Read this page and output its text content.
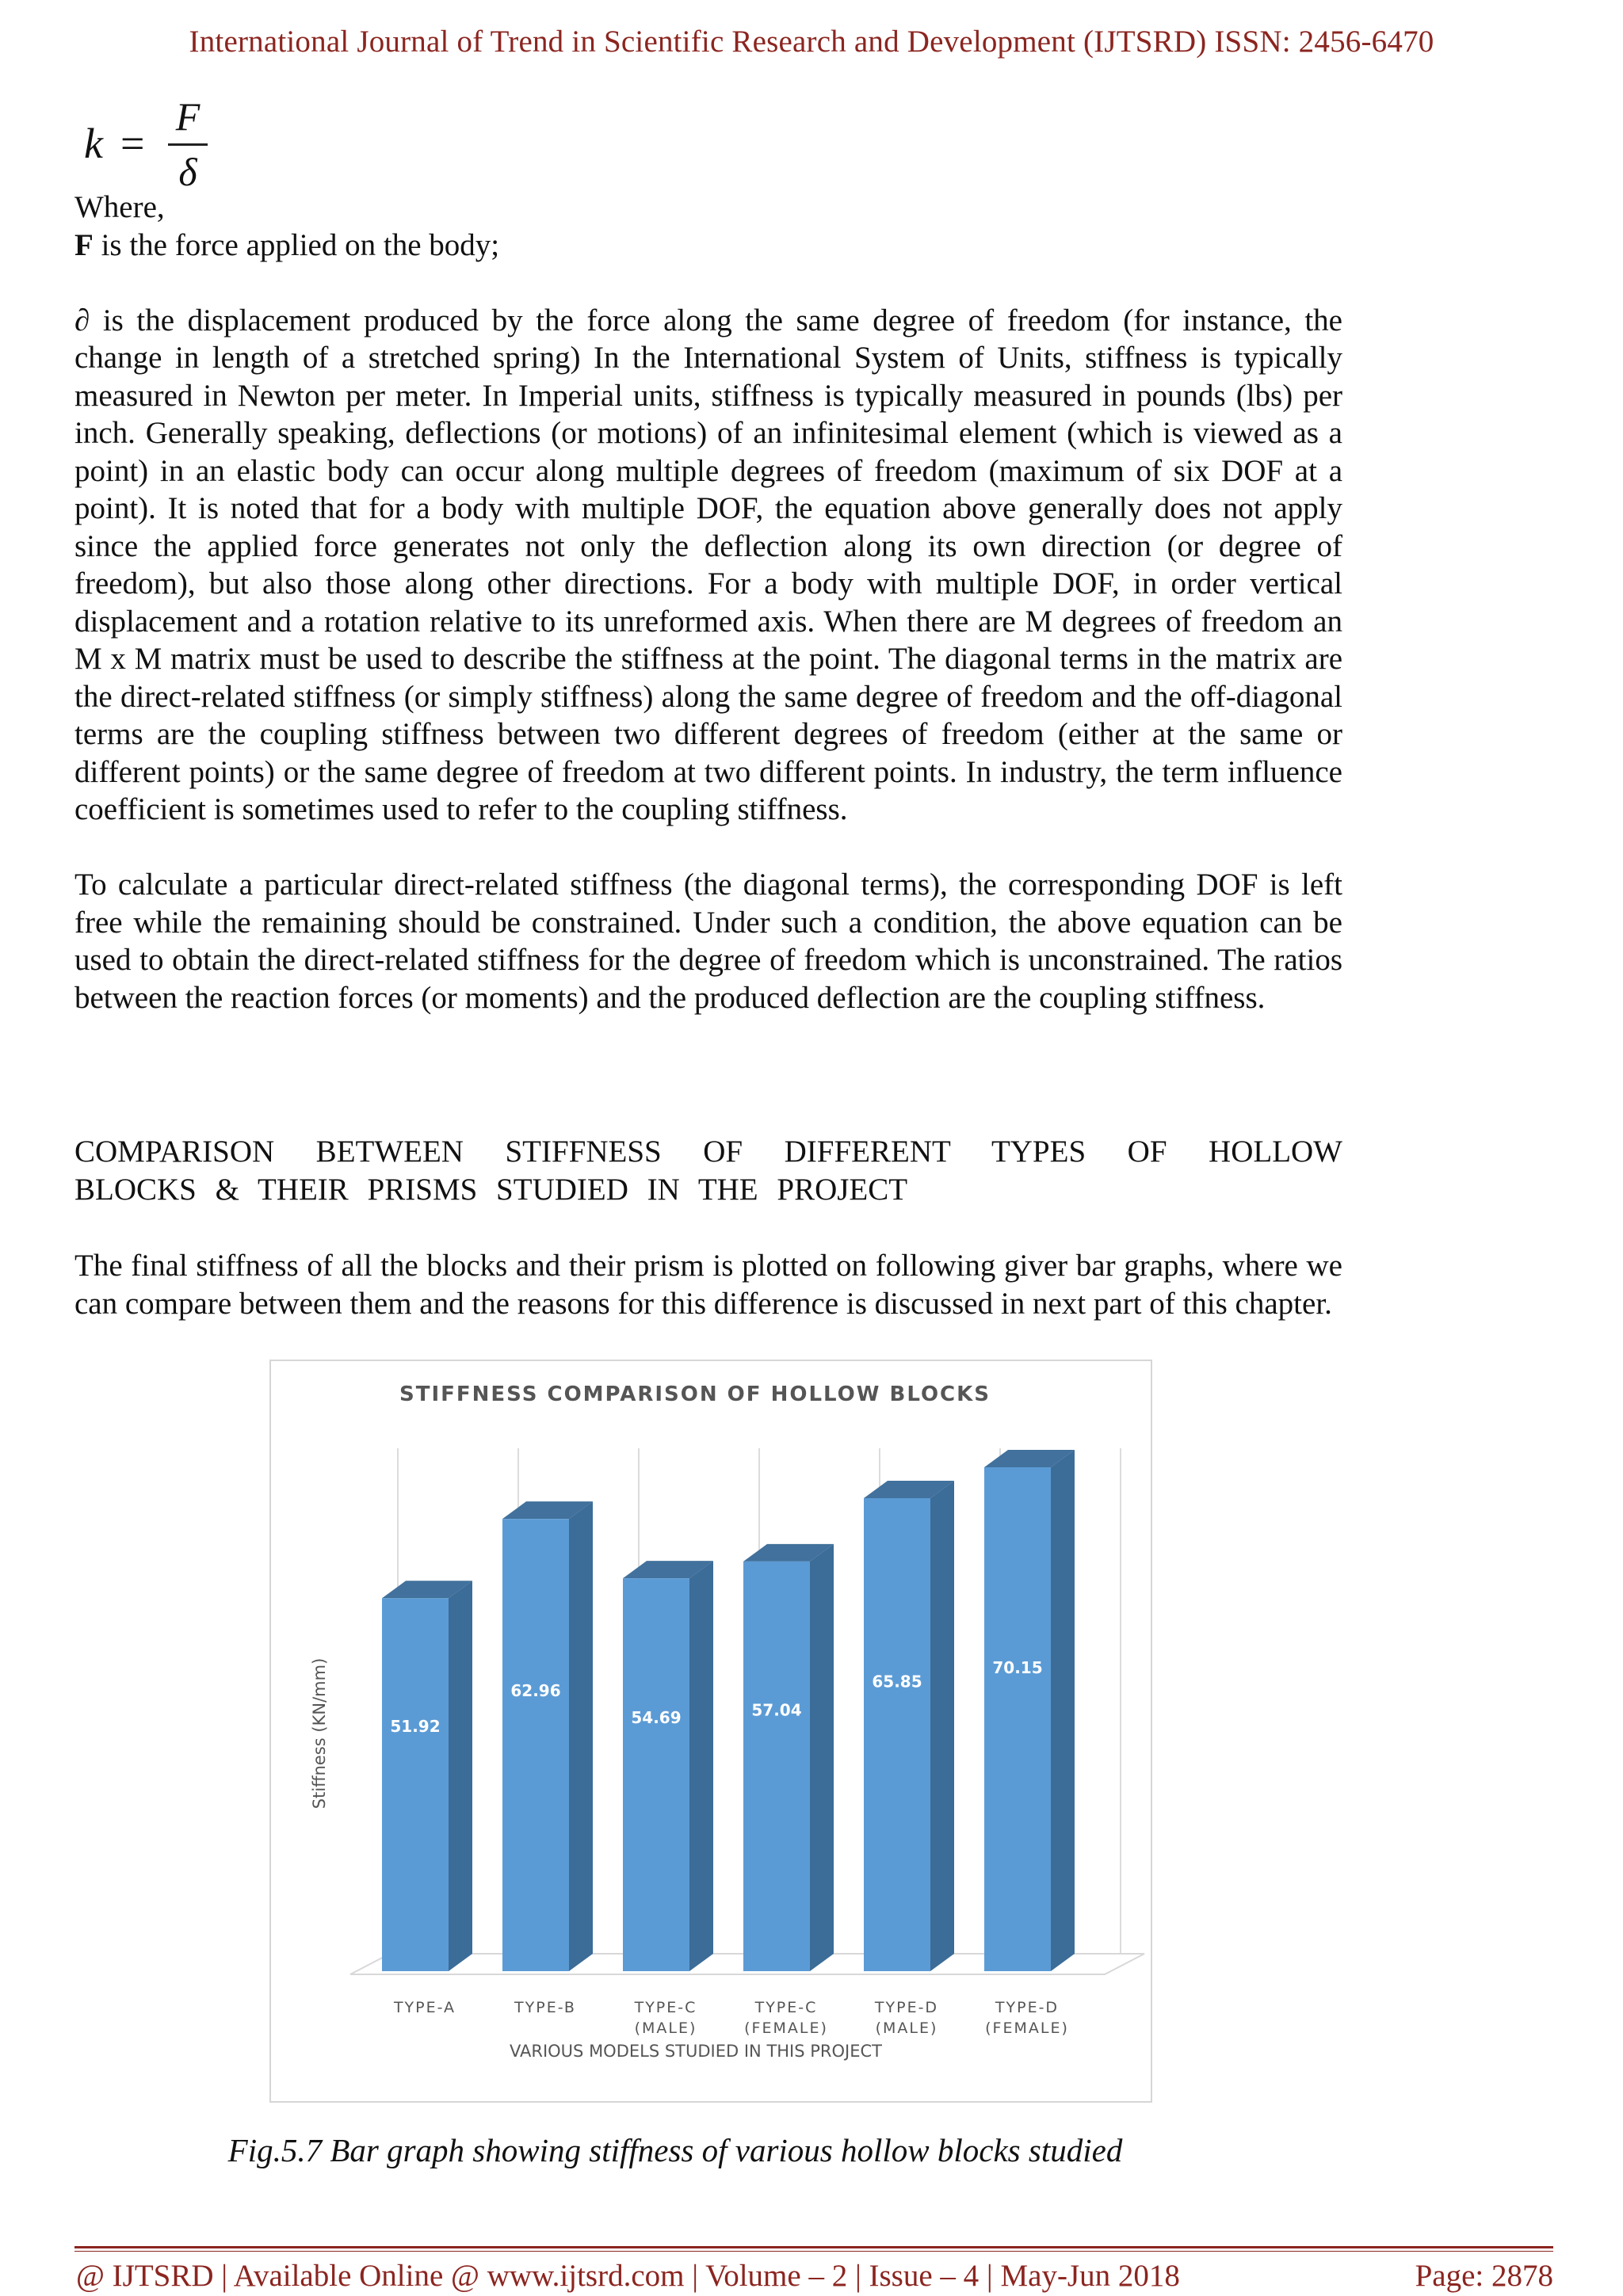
International Journal of Trend in Scientific Research and Development (IJTSRD) ISSN: 2456-6470
k =
F
δ

Where,

F is the force applied on the body;

∂ is the displacement produced by the force along the same degree of freedom (for instance, the change in length of a stretched spring) In the International System of Units, stiffness is typically measured in Newton per meter. In Imperial units, stiffness is typically measured in pounds (lbs) per inch. Generally speaking, deflections (or motions) of an infinitesimal element (which is viewed as a point) in an elastic body can occur along multiple degrees of freedom (maximum of six DOF at a point). It is noted that for a body with multiple DOF, the equation above generally does not apply since the applied force generates not only the deflection along its own direction (or degree of freedom), but also those along other directions. For a body with multiple DOF, in order vertical displacement and a rotation relative to its unreformed axis. When there are M degrees of freedom an M x M matrix must be used to describe the stiffness at the point. The diagonal terms in the matrix are the direct-related stiffness (or simply stiffness) along the same degree of freedom and the off-diagonal terms are the coupling stiffness between two different degrees of freedom (either at the same or different points) or the same degree of freedom at two different points. In industry, the term influence coefficient is sometimes used to refer to the coupling stiffness.

To calculate a particular direct-related stiffness (the diagonal terms), the corresponding DOF is left free while the remaining should be constrained. Under such a condition, the above equation can be used to obtain the direct-related stiffness for the degree of freedom which is unconstrained. The ratios between the reaction forces (or moments) and the produced deflection are the coupling stiffness.

COMPARISON BETWEEN STIFFNESS OF DIFFERENT TYPES OF HOLLOW
BLOCKS & THEIR PRISMS STUDIED IN THE PROJECT

The final stiffness of all the blocks and their prism is plotted on following giver bar graphs, where we can compare between them and the reasons for this difference is discussed in next part of this chapter.

STIFFNESS COMPARISON OF HOLLOW BLOCKS
51.92
62.96
54.69	57.04
65.85
70.15
TYPE-A	TYPE-B	TYPE-C
(MALE)
TYPE-C
(FEMALE)
TYPE-D
(MALE)
TYPE-D
(FEMALE)
VARIOUS MODELS STUDIED IN THIS PROJECT
Stiffness (KN/mm)
Fig.5.7 Bar graph showing stiffness of various hollow blocks studied
@ IJTSRD | Available Online @ www.ijtsrd.com | Volume – 2 | Issue – 4 | May-Jun 2018	Page: 2878
